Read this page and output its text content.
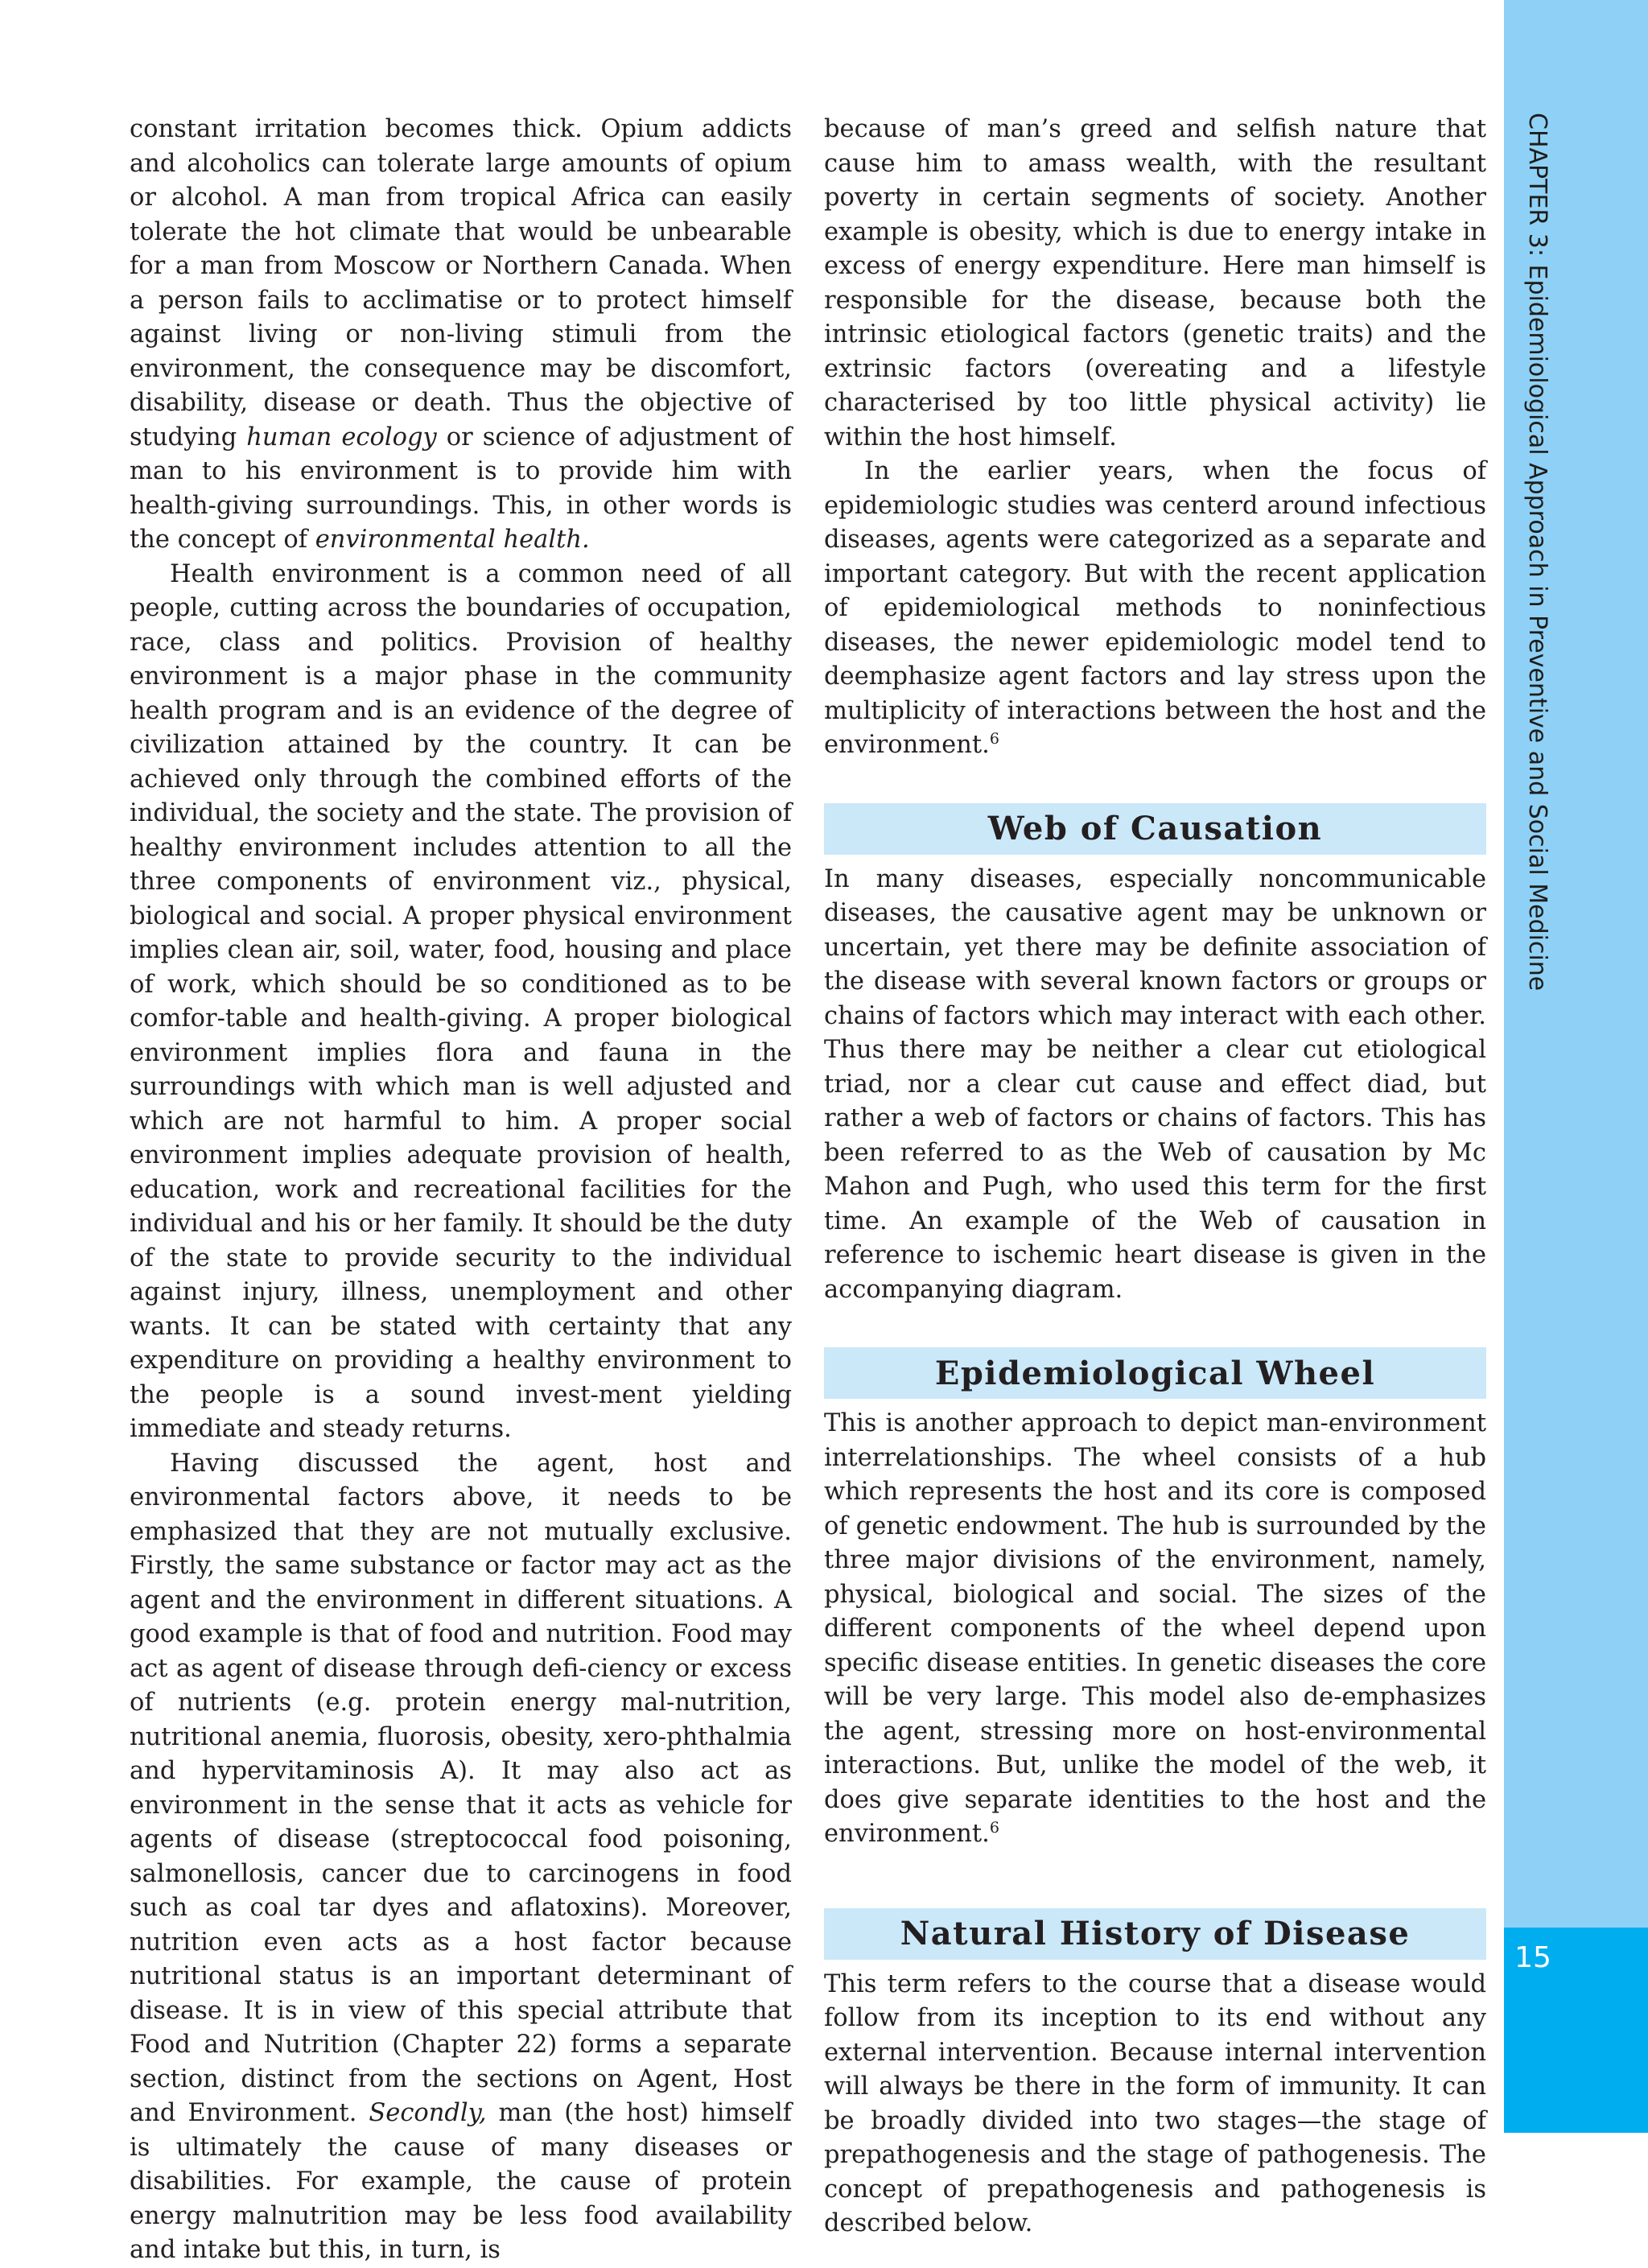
15
CHAPTER 3: Epidemiological Approach in Preventive and Social Medicine

constant irritation becomes thick. Opium addicts and alcoholics can tolerate large amounts of opium or alcohol. A man from tropical Africa can easily tolerate the hot climate that would be unbearable for a man from Moscow or Northern Canada. When a person fails to acclimatise or to protect himself against living or non-living stimuli from the environment, the consequence may be discomfort, disability, disease or death. Thus the objective of studying human ecology or science of adjustment of man to his environment is to provide him with health-giving surroundings. This, in other words is the concept of environmental health.

Health environment is a common need of all people, cutting across the boundaries of occupation, race, class and politics. Provision of healthy environment is a major phase in the community health program and is an evidence of the degree of civilization attained by the country. It can be achieved only through the combined efforts of the individual, the society and the state. The provision of healthy environment includes attention to all the three components of environment viz., physical, biological and social. A proper physical environment implies clean air, soil, water, food, housing and place of work, which should be so conditioned as to be comfor-table and health-giving. A proper biological environment implies flora and fauna in the surroundings with which man is well adjusted and which are not harmful to him. A proper social environment implies adequate provision of health, education, work and recreational facilities for the individual and his or her family. It should be the duty of the state to provide security to the individual against injury, illness, unemployment and other wants. It can be stated with certainty that any expenditure on providing a healthy environment to the people is a sound invest-ment yielding immediate and steady returns.

Having discussed the agent, host and environmental factors above, it needs to be emphasized that they are not mutually exclusive. Firstly, the same substance or factor may act as the agent and the environment in different situations. A good example is that of food and nutrition. Food may act as agent of disease through defi-ciency or excess of nutrients (e.g. protein energy mal-nutrition, nutritional anemia, fluorosis, obesity, xero-phthalmia and hypervitaminosis A). It may also act as environment in the sense that it acts as vehicle for agents of disease (streptococcal food poisoning, salmonellosis, cancer due to carcinogens in food such as coal tar dyes and aflatoxins). Moreover, nutrition even acts as a host factor because nutritional status is an important determinant of disease. It is in view of this special attribute that Food and Nutrition (Chapter 22) forms a separate section, distinct from the sections on Agent, Host and Environment. Secondly, man (the host) himself is ultimately the cause of many diseases or disabilities. For example, the cause of protein energy malnutrition may be less food availability and intake but this, in turn, is

because of man’s greed and selfish nature that cause him to amass wealth, with the resultant poverty in certain segments of society. Another example is obesity, which is due to energy intake in excess of energy expenditure. Here man himself is responsible for the disease, because both the intrinsic etiological factors (genetic traits) and the extrinsic factors (overeating and a lifestyle characterised by too little physical activity) lie within the host himself.

In the earlier years, when the focus of epidemiologic studies was centerd around infectious diseases, agents were categorized as a separate and important category. But with the recent application of epidemiological methods to noninfectious diseases, the newer epidemiologic model tend to deemphasize agent factors and lay stress upon the multiplicity of interactions between the host and the environment.$^6$

Web of Causation

In many diseases, especially noncommunicable diseases, the causative agent may be unknown or uncertain, yet there may be definite association of the disease with several known factors or groups or chains of factors which may interact with each other. Thus there may be neither a clear cut etiological triad, nor a clear cut cause and effect diad, but rather a web of factors or chains of factors. This has been referred to as the Web of causation by Mc Mahon and Pugh, who used this term for the first time. An example of the Web of causation in reference to ischemic heart disease is given in the accompanying diagram.

Epidemiological Wheel

This is another approach to depict man-environment interrelationships. The wheel consists of a hub which represents the host and its core is composed of genetic endowment. The hub is surrounded by the three major divisions of the environment, namely, physical, biological and social. The sizes of the different components of the wheel depend upon specific disease entities. In genetic diseases the core will be very large. This model also de-emphasizes the agent, stressing more on host-environmental interactions. But, unlike the model of the web, it does give separate identities to the host and the environment.$^6$

Natural History of Disease

This term refers to the course that a disease would follow from its inception to its end without any external intervention. Because internal intervention will always be there in the form of immunity. It can be broadly divided into two stages—the stage of prepathogenesis and the stage of pathogenesis. The concept of prepathogenesis and pathogenesis is described below.
